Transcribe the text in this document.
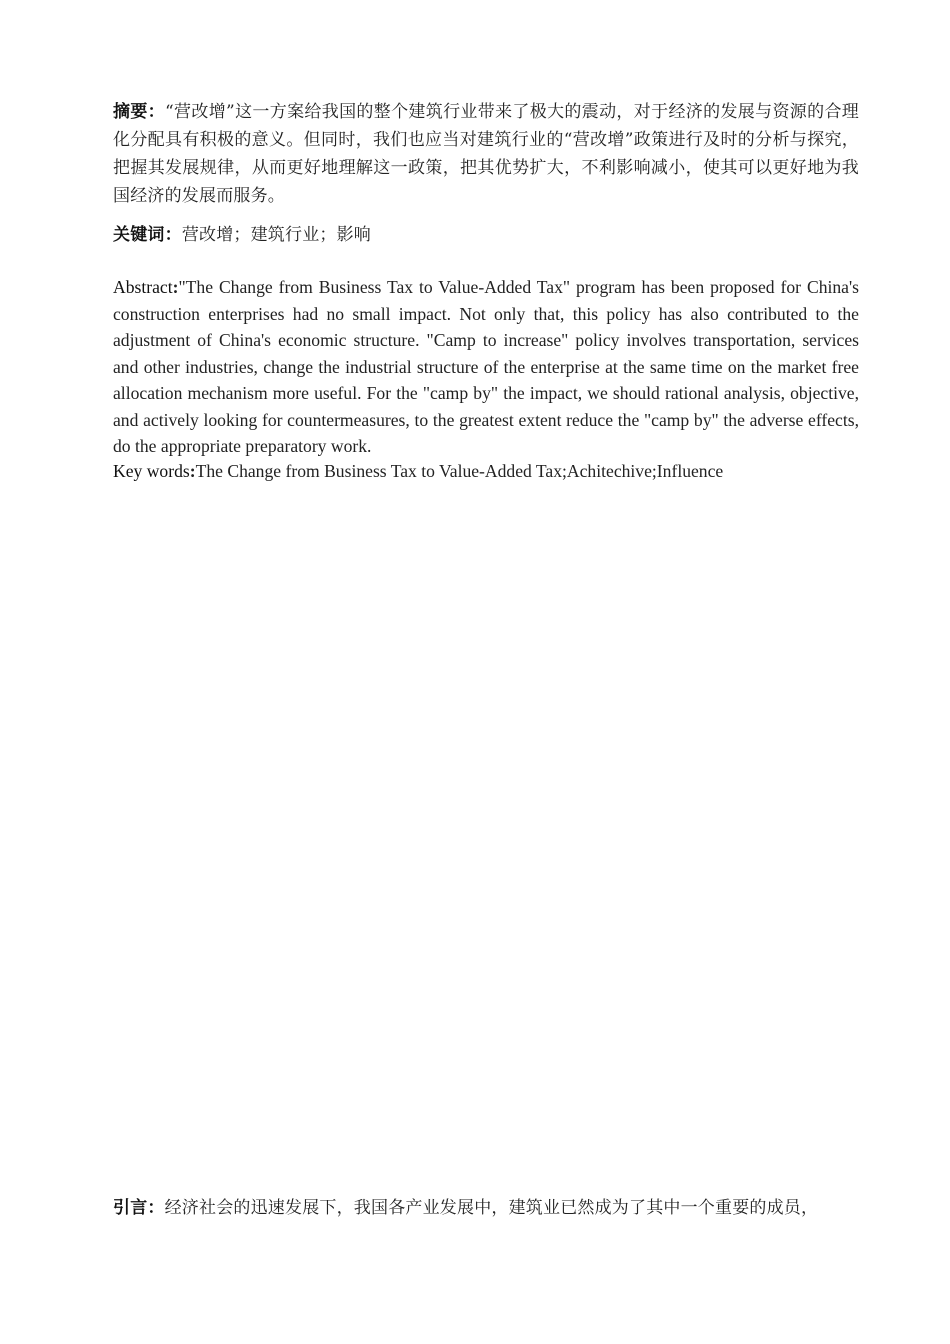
摘要：“营改增”这一方案给我国的整个建筑行业带来了极大的震动，对于经济的发展与资源的合理化分配具有积极的意义。但同时，我们也应当对建筑行业的“营改增”政策进行及时的分析与探究，把握其发展规律，从而更好地理解这一政策，把其优势扩大，不利影响减小，使其可以更好地为我国经济的发展而服务。

关键词：营改增；建筑行业；影响

Abstract:"The Change from Business Tax to Value-Added Tax" program has been proposed for China's construction enterprises had no small impact. Not only that, this policy has also contributed to the adjustment of China's economic structure. "Camp to increase" policy involves transportation, services and other industries, change the industrial structure of the enterprise at the same time on the market free allocation mechanism more useful. For the "camp by" the impact, we should rational analysis, objective, and actively looking for countermeasures, to the greatest extent reduce the "camp by" the adverse effects, do the appropriate preparatory work.

Key words:The Change from Business Tax to Value-Added Tax;Achitechive;Influence

引言：经济社会的迅速发展下，我国各产业发展中，建筑业已然成为了其中一个重要的成员，
